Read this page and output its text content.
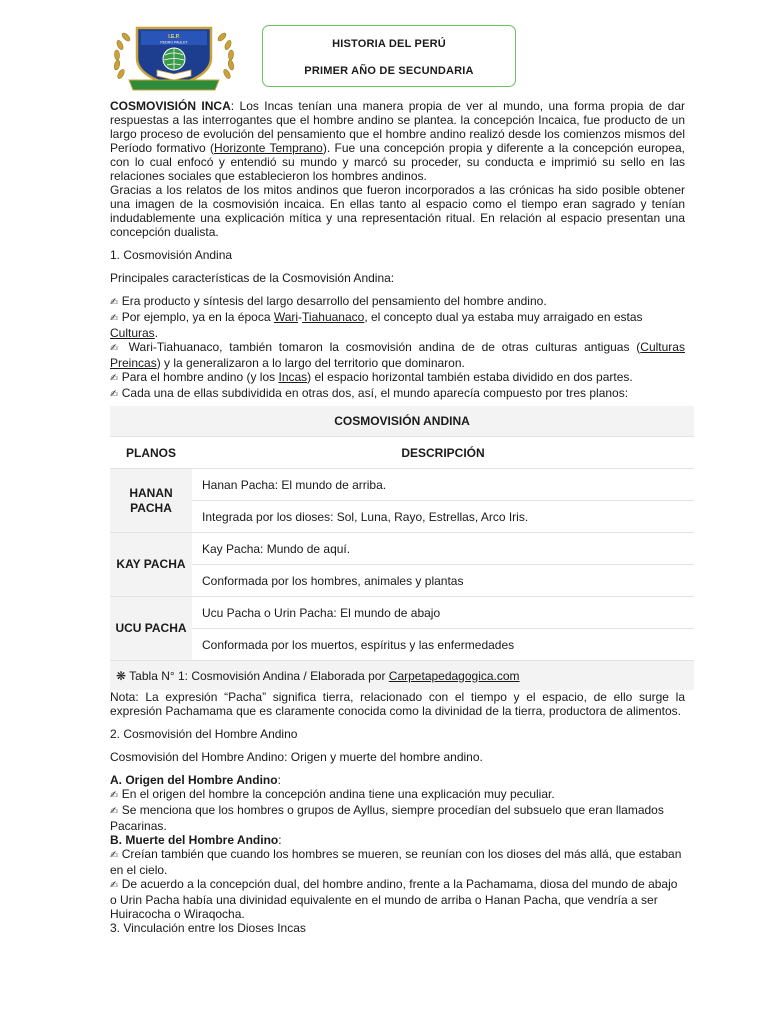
I.E.P.
PEDRO PAULET	HISTORIA DEL PERÚ
PRIMER AÑO DE SECUNDARIA

COSMOVISIÓN INCA: Los Incas tenían una manera propia de ver al mundo, una forma propia de dar respuestas a las interrogantes que el hombre andino se plantea. la concepción Incaica, fue producto de un largo proceso de evolución del pensamiento que el hombre andino realizó desde los comienzos mismos del Período formativo (Horizonte Temprano). Fue una concepción propia y diferente a la concepción europea, con lo cual enfocó y entendió su mundo y marcó su proceder, su conducta e imprimió su sello en las relaciones sociales que establecieron los hombres andinos.

Gracias a los relatos de los mitos andinos que fueron incorporados a las crónicas ha sido posible obtener una imagen de la cosmovisión incaica. En ellas tanto al espacio como el tiempo eran sagrado y tenían indudablemente una explicación mítica y una representación ritual. En relación al espacio presentan una concepción dualista.

1. Cosmovisión Andina

Principales características de la Cosmovisión Andina:

✍ Era producto y síntesis del largo desarrollo del pensamiento del hombre andino.

✍ Por ejemplo, ya en la época Wari-Tiahuanaco, el concepto dual ya estaba muy arraigado en estas Culturas.

✍ Wari-Tiahuanaco, también tomaron la cosmovisión andina de de otras culturas antiguas (Culturas Preincas) y la generalizaron a lo largo del territorio que dominaron.

✍ Para el hombre andino (y los Incas) el espacio horizontal también estaba dividido en dos partes.

✍ Cada una de ellas subdividida en otras dos, así, el mundo aparecía compuesto por tres planos:

COSMOVISIÓN ANDINA	
PLANOS	DESCRIPCIÓN
HANAN PACHA	Hanan Pacha: El mundo de arriba.
	Integrada por los dioses: Sol, Luna, Rayo, Estrellas, Arco Iris.
KAY PACHA	Kay Pacha: Mundo de aquí.
	Conformada por los hombres, animales y plantas
UCU PACHA	Ucu Pacha o Urin Pacha: El mundo de abajo
	Conformada por los muertos, espíritus y las enfermedades
❋ Tabla N° 1: Cosmovisión Andina / Elaborada por Carpetapedagogica.com	

Nota: La expresión “Pacha” significa tierra, relacionado con el tiempo y el espacio, de ello surge la expresión Pachamama que es claramente conocida como la divinidad de la tierra, productora de alimentos.

2. Cosmovisión del Hombre Andino

Cosmovisión del Hombre Andino: Origen y muerte del hombre andino.

A. Origen del Hombre Andino:

✍ En el origen del hombre la concepción andina tiene una explicación muy peculiar.

✍ Se menciona que los hombres o grupos de Ayllus, siempre procedían del subsuelo que eran llamados Pacarinas.

B. Muerte del Hombre Andino:

✍ Creían también que cuando los hombres se mueren, se reunían con los dioses del más allá, que estaban en el cielo.

✍ De acuerdo a la concepción dual, del hombre andino, frente a la Pachamama, diosa del mundo de abajo o Urin Pacha había una divinidad equivalente en el mundo de arriba o Hanan Pacha, que vendría a ser Huiracocha o Wiraqocha.

3. Vinculación entre los Dioses Incas
